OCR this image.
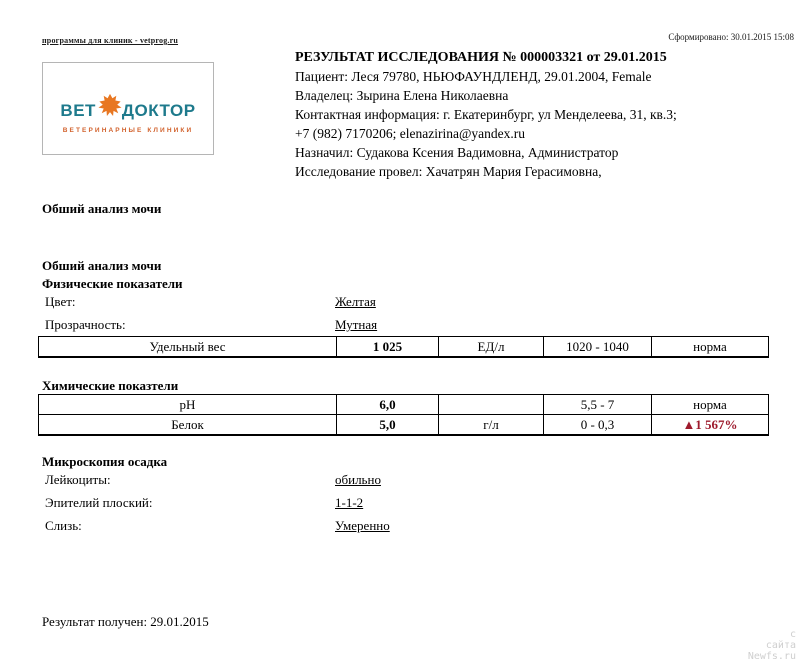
программы для клиник - vetprog.ru	Сформировано: 30.01.2015 15:08
ВЕТ ДОКТОР
ВЕТЕРИНАРНЫЕ КЛИНИКИ
РЕЗУЛЬТАТ ИССЛЕДОВАНИЯ № 000003321 от 29.01.2015
Пациент: Леся 79780, НЬЮФАУНДЛЕНД, 29.01.2004, Female
Владелец: Зырина Елена Николаевна
Контактная информация: г. Екатеринбург, ул Менделеева, 31, кв.3;
+7 (982) 7170206; elenazirina@yandex.ru
Назначил: Судакова Ксения Вадимовна, Администратор
Исследование провел: Хачатрян Мария Герасимовна,
Обший анализ мочи
Обший анализ мочи
Физические показатели
Цвет:	Желтая
Прозрачность:	Мутная
Удельный вес	1 025	ЕД/л	1020 - 1040	норма
Химические показтели
pH	6,0		5,5 - 7	норма
Белок	5,0	г/л	0 - 0,3	▲1 567%
Микроскопия осадка
Лейкоциты:	обильно
Эпителий плоский:	1-1-2
Слизь:	Умеренно
Результат получен: 29.01.2015
с
сайта
Newfs.ru
